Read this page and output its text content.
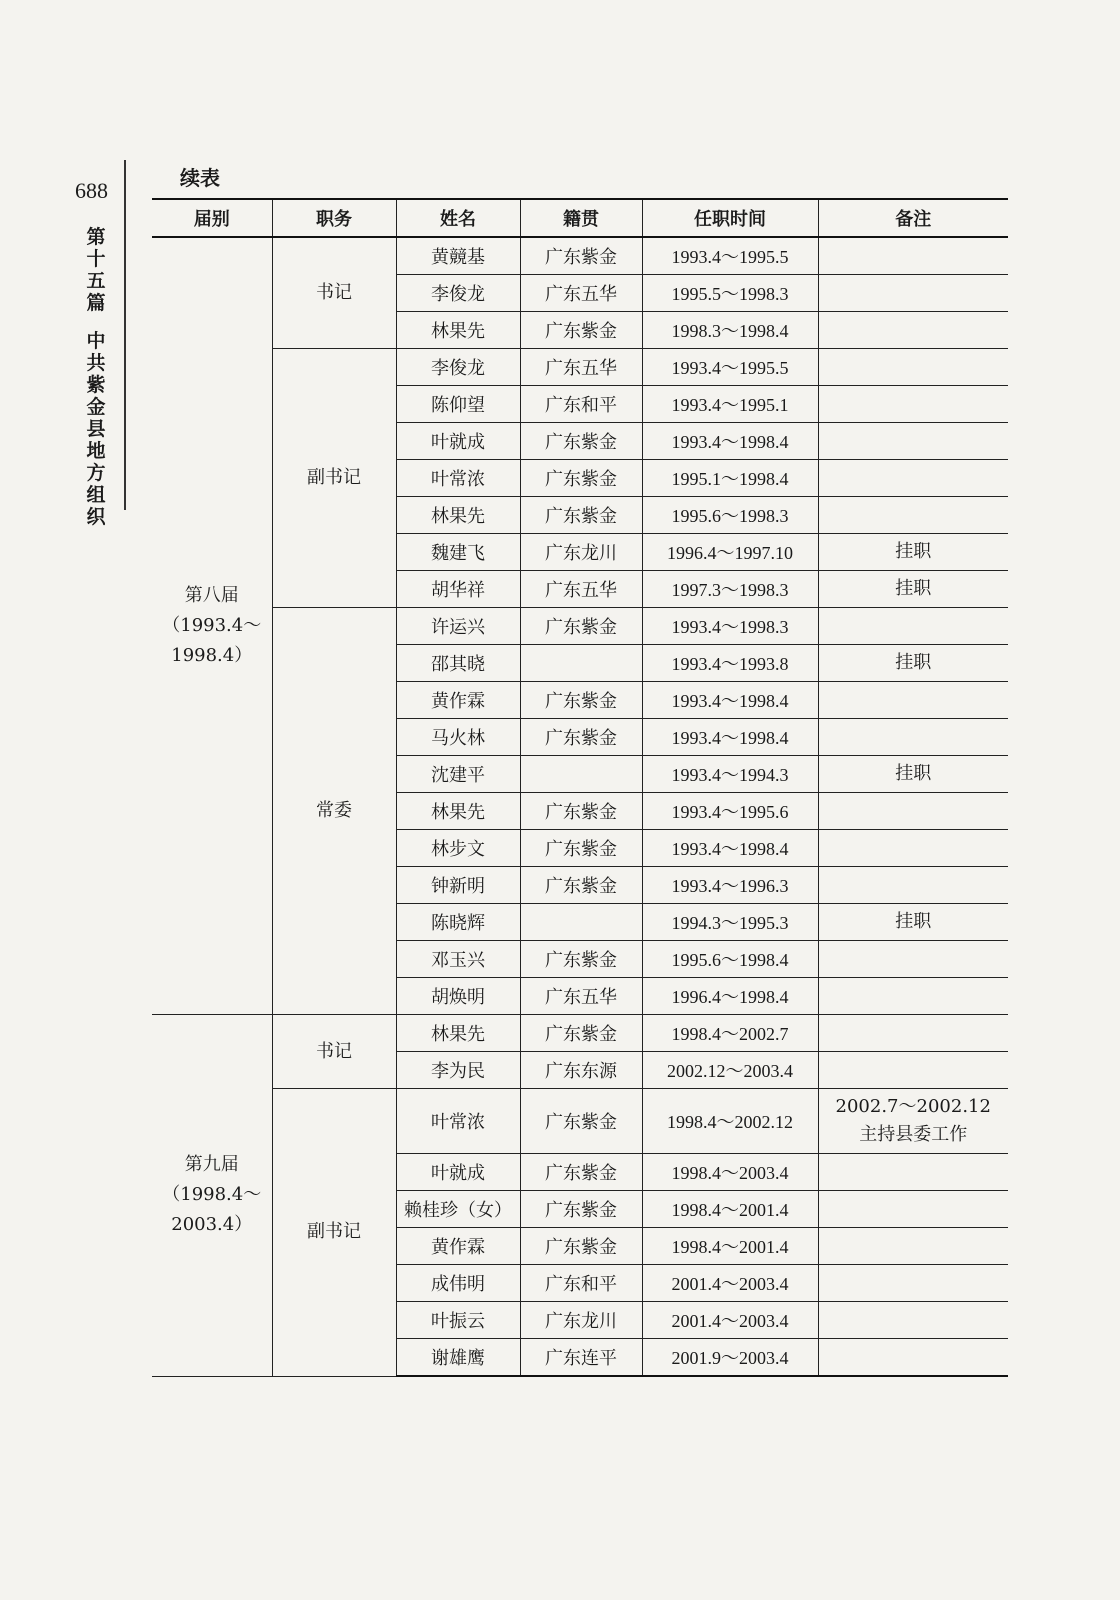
688
第
十
五
篇
中
共
紫
金
县
地
方
组
织
续表
届别	职务	姓名	籍贯	任职时间	备注
第八届
（1993.4～
1998.4）	书记	黄竸基	广东紫金	1993.4～1995.5	
		李俊龙	广东五华	1995.5～1998.3	
		林果先	广东紫金	1998.3～1998.4	
	副书记	李俊龙	广东五华	1993.4～1995.5	
		陈仰望	广东和平	1993.4～1995.1	
		叶就成	广东紫金	1993.4～1998.4	
		叶常浓	广东紫金	1995.1～1998.4	
		林果先	广东紫金	1995.6～1998.3	
		魏建飞	广东龙川	1996.4～1997.10	挂职
		胡华祥	广东五华	1997.3～1998.3	挂职
	常委	许运兴	广东紫金	1993.4～1998.3	
		邵其晓		1993.4～1993.8	挂职
		黄作霖	广东紫金	1993.4～1998.4	
		马火林	广东紫金	1993.4～1998.4	
		沈建平		1993.4～1994.3	挂职
		林果先	广东紫金	1993.4～1995.6	
		林步文	广东紫金	1993.4～1998.4	
		钟新明	广东紫金	1993.4～1996.3	
		陈晓辉		1994.3～1995.3	挂职
		邓玉兴	广东紫金	1995.6～1998.4	
		胡焕明	广东五华	1996.4～1998.4	
第九届
（1998.4～
2003.4）	书记	林果先	广东紫金	1998.4～2002.7	
		李为民	广东东源	2002.12～2003.4	
	副书记	叶常浓	广东紫金	1998.4～2002.12	2002.7～2002.12
主持县委工作
		叶就成	广东紫金	1998.4～2003.4	
		赖桂珍（女）	广东紫金	1998.4～2001.4	
		黄作霖	广东紫金	1998.4～2001.4	
		成伟明	广东和平	2001.4～2003.4	
		叶振云	广东龙川	2001.4～2003.4	
		谢雄鹰	广东连平	2001.9～2003.4	
